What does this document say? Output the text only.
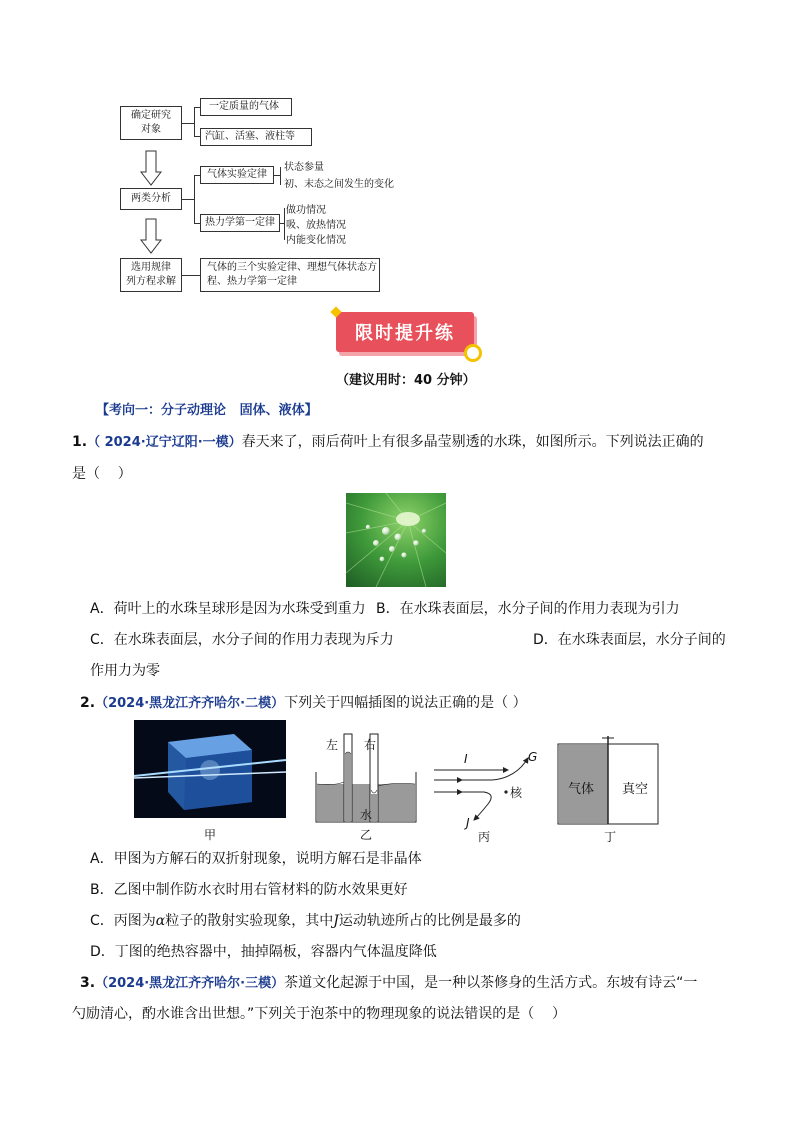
确定研究
对象
一定质量的气体
汽缸、活塞、液柱等
两类分析
气体实验定律
状态参量
初、末态之间发生的变化
热力学第一定律
做功情况
吸、放热情况
内能变化情况
选用规律
列方程求解
气体的三个实验定律、理想气体状态方
程、热力学第一定律
限时提升练
（建议用时：40 分钟）
【考向一：分子动理论   固体、液体】
1.（ 2024·辽宁辽阳·一模）春天来了，雨后荷叶上有很多晶莹剔透的水珠，如图所示。下列说法正确的
是（    ）
A．荷叶上的水珠呈球形是因为水珠受到重力 B．在水珠表面层，水分子间的作用力表现为引力
C．在水珠表面层，水分子间的作用力表现为斥力	D．在水珠表面层，水分子间的
作用力为零
2.（2024·黑龙江齐齐哈尔·二模）下列关于四幅插图的说法正确的是（ ）
甲
左 右
水
乙
I	G
核
J
丙
气体 真空
丁
A．甲图为方解石的双折射现象，说明方解石是非晶体
B．乙图中制作防水衣时用右管材料的防水效果更好
C．丙图为α粒子的散射实验现象，其中J运动轨迹所占的比例是最多的
D．丁图的绝热容器中，抽掉隔板，容器内气体温度降低
3.（2024·黑龙江齐齐哈尔·三模）茶道文化起源于中国，是一种以茶修身的生活方式。东坡有诗云“一
勺励清心，酌水谁含出世想。”下列关于泡茶中的物理现象的说法错误的是（    ）
